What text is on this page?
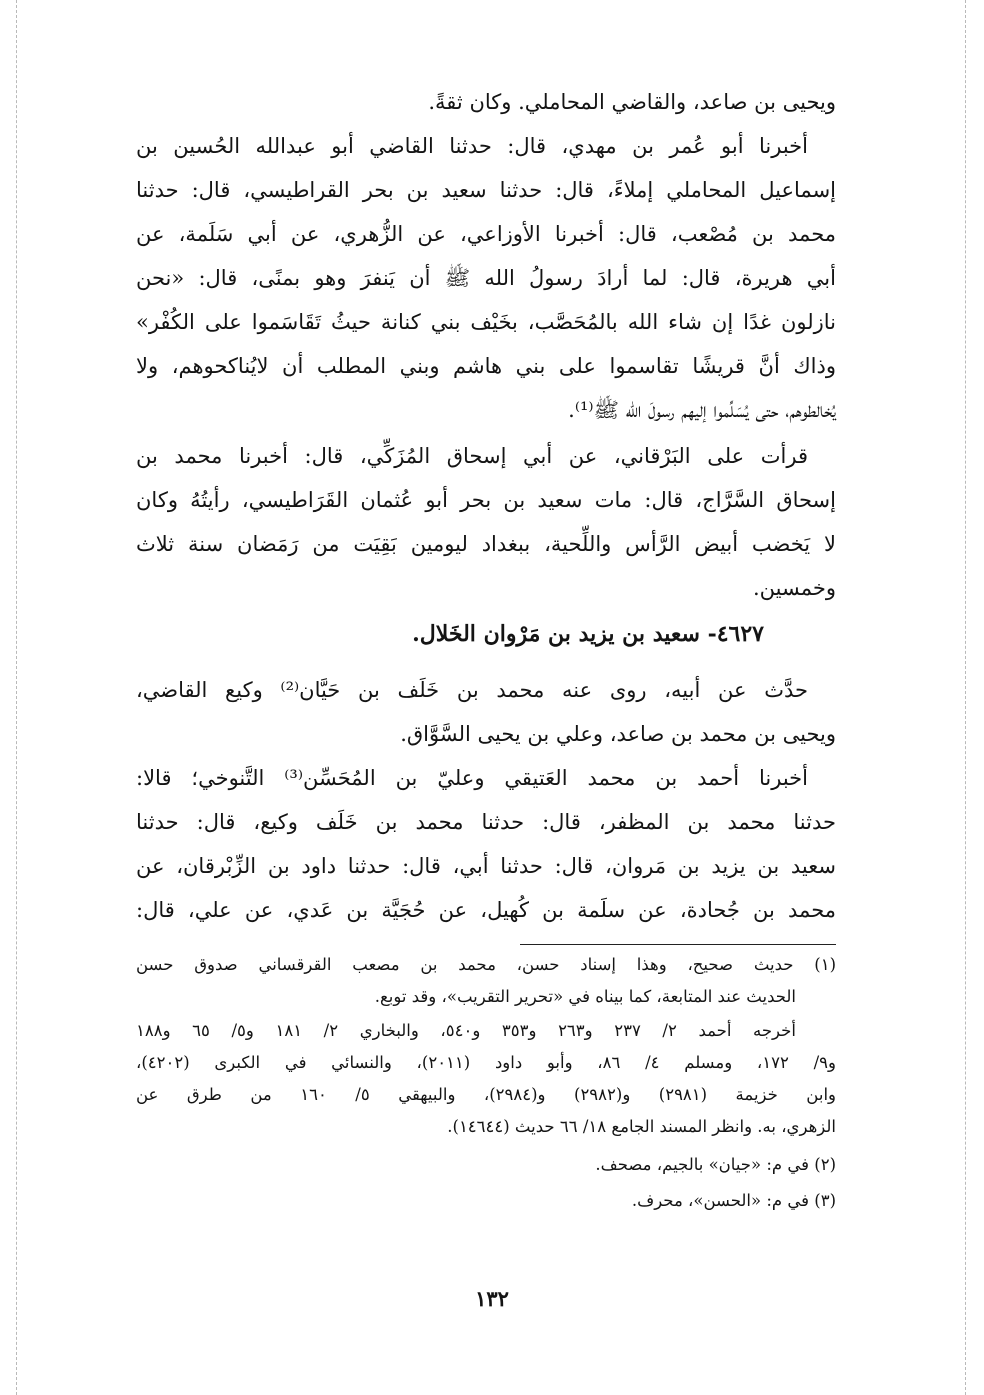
ويحيى بن صاعد، والقاضي المحاملي. وكان ثقةً.
أخبرنا أبو عُمر بن مهدي، قال: حدثنا القاضي أبو عبدالله الحُسين بن
إسماعيل المحاملي إملاءً، قال: حدثنا سعيد بن بحر القراطيسي، قال: حدثنا
محمد بن مُصْعب، قال: أخبرنا الأوزاعي، عن الزُّهري، عن أبي سَلَمة، عن
أبي هريرة، قال: لما أرادَ رسولُ الله ﷺ أن يَنفرَ وهو بمنًى، قال: «نحن
نازلون غدًا إن شاء الله بالمُحَصَّب، بخَيْف بني كنانة حيثُ تَقَاسَموا على الكُفْر»
وذاك أنَّ قريشًا تقاسموا على بني هاشم وبني المطلب أن لايُناكحوهم، ولا
يُخالطوهم، حتى يُسَلِّموا إليهم رسولَ الله ﷺ⁽¹⁾.
قرأت على البَرْقاني، عن أبي إسحاق المُزَكِّي، قال: أخبرنا محمد بن
إسحاق السَّرَّاج، قال: مات سعيد بن بحر أبو عُثمان القَرَاطيسي، رأيتُهُ وكان
لا يَخضب أبيض الرَّأس واللِّحية، ببغداد ليومين بَقِيَت من رَمَضان سنة ثلاث
وخمسين.
٤٦٢٧- سعيد بن يزيد بن مَرْوان الخَلال.
حدَّث عن أبيه، روى عنه محمد بن خَلَف بن حَيَّان⁽²⁾ وكيع القاضي،
ويحيى بن محمد بن صاعد، وعلي بن يحيى السَّوَّاق.
أخبرنا أحمد بن محمد العَتيقي وعليّ بن المُحَسِّن⁽³⁾ التَّنوخي؛ قالا:
حدثنا محمد بن المظفر، قال: حدثنا محمد بن خَلَف وكيع، قال: حدثنا
سعيد بن يزيد بن مَروان، قال: حدثنا أبي، قال: حدثنا داود بن الزِّبْرقان، عن
محمد بن جُحادة، عن سلَمة بن كُهيل، عن حُجَيَّة بن عَدي، عن علي، قال:
(١) حديث صحيح، وهذا إسناد حسن، محمد بن مصعب القرقساني صدوق حسن
الحديث عند المتابعة، كما بيناه في «تحرير التقريب»، وقد توبع.
أخرجه أحمد ٢/ ٢٣٧ و٢٦٣ و٣٥٣ و٥٤٠، والبخاري ٢/ ١٨١ و٥/ ٦٥ و١٨٨
و٩/ ١٧٢، ومسلم ٤/ ٨٦، وأبو داود (٢٠١١)، والنسائي في الكبرى (٤٢٠٢)،
وابن خزيمة (٢٩٨١) و(٢٩٨٢) و(٢٩٨٤)، والبيهقي ٥/ ١٦٠ من طرق عن
الزهري، به. وانظر المسند الجامع ١٨/ ٦٦ حديث (١٤٦٤٤).
(٢) في م: «جيان» بالجيم، مصحف.
(٣) في م: «الحسن»، محرف.
١٣٢
